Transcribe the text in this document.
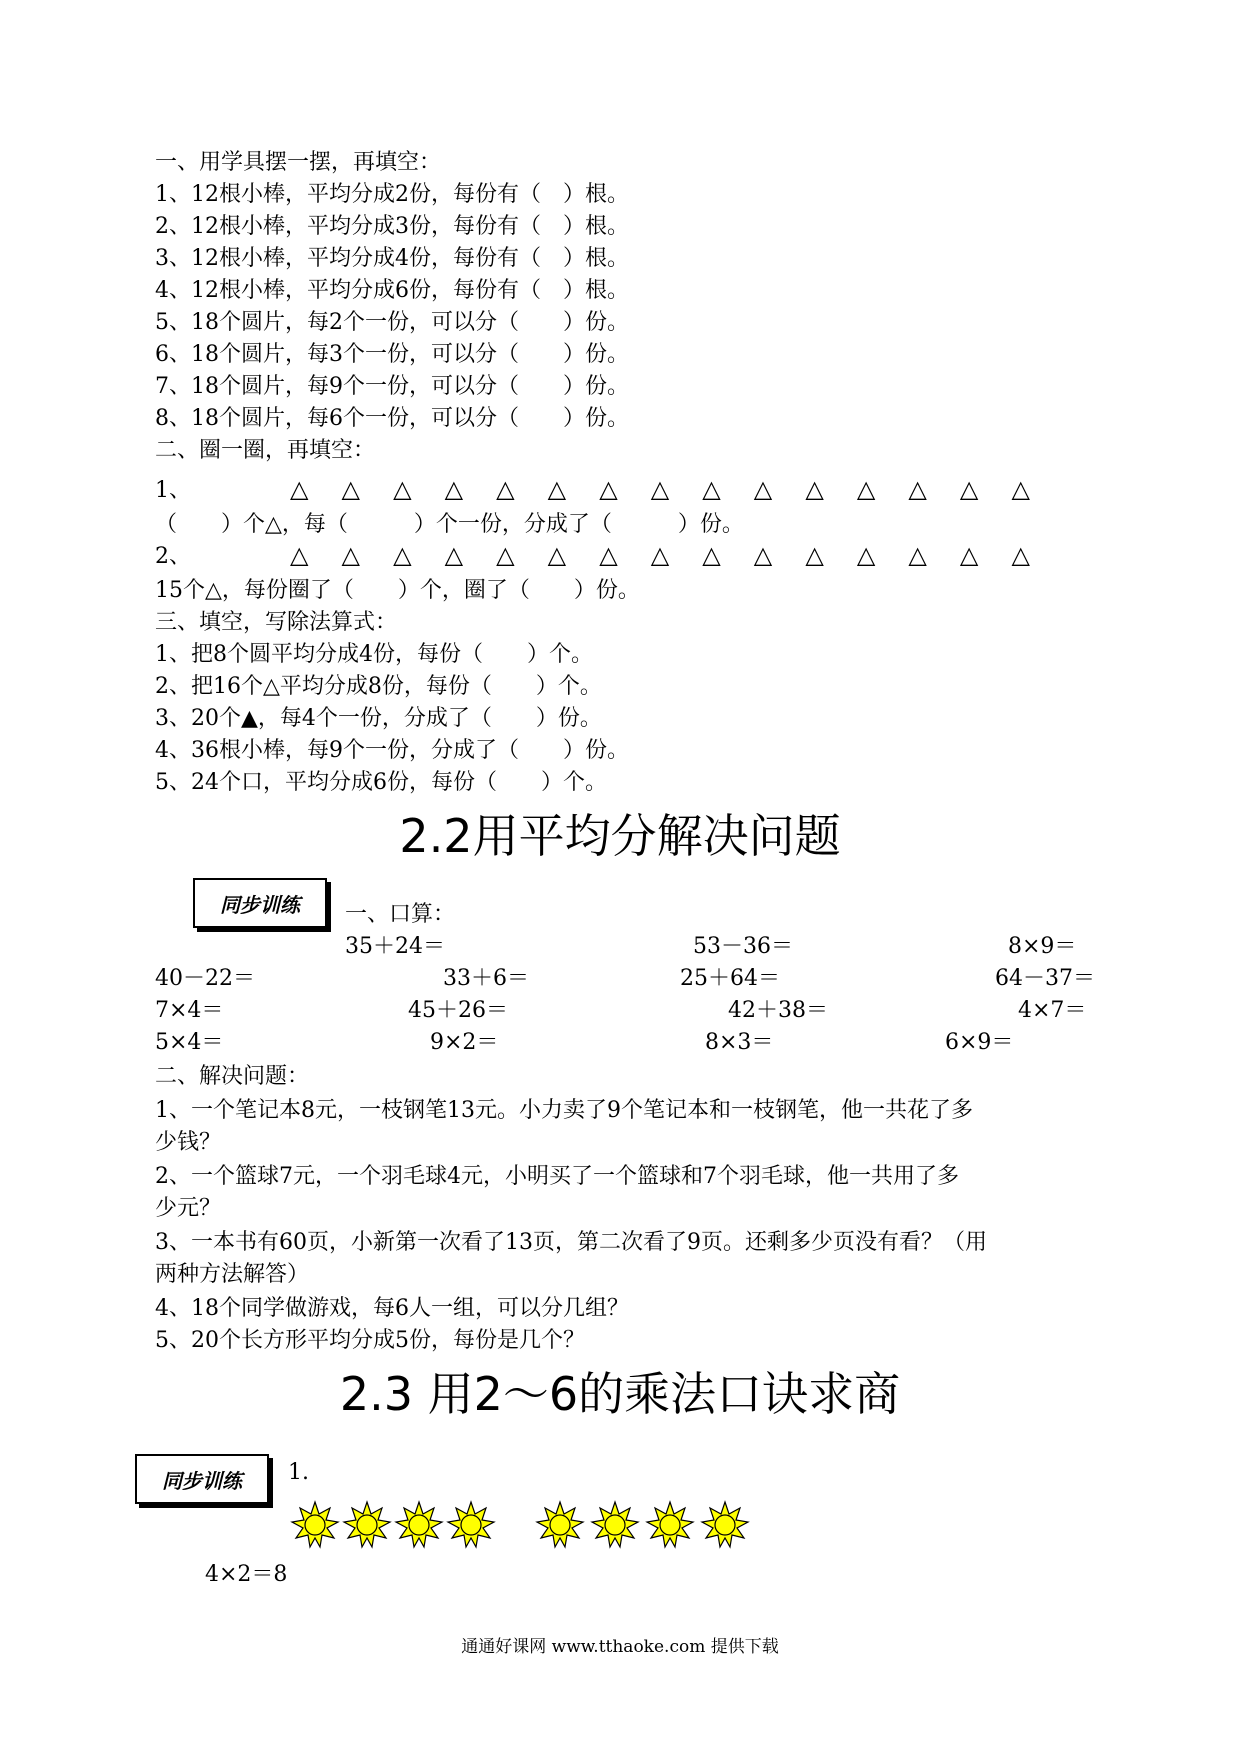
一、用学具摆一摆，再填空：
1、12根小棒，平均分成2份，每份有（　）根。
2、12根小棒，平均分成3份，每份有（　）根。
3、12根小棒，平均分成4份，每份有（　）根。
4、12根小棒，平均分成6份，每份有（　）根。
5、18个圆片，每2个一份，可以分（　　）份。
6、18个圆片，每3个一份，可以分（　　）份。
7、18个圆片，每9个一份，可以分（　　）份。
8、18个圆片，每6个一份，可以分（　　）份。
二、圈一圈，再填空：
1、	△ △ △ △ △ △ △ △ △ △ △ △ △ △ △
（　　）个△，每（　　　）个一份，分成了（　　　）份。
2、	△ △ △ △ △ △ △ △ △ △ △ △ △ △ △
15个△，每份圈了（　　）个，圈了（　　）份。
三、填空，写除法算式：
1、把8个圆平均分成4份，每份（　　）个。
2、把16个△平均分成8份，每份（　　）个。
3、20个▲，每4个一份，分成了（　　）份。
4、36根小棒，每9个一份，分成了（　　）份。
5、24个口，平均分成6份，每份（　　）个。
2.2用平均分解决问题
同步训练	一、口算：
35＋24＝	53－36＝	8×9＝
40－22＝	33＋6＝	25＋64＝	64－37＝
7×4＝	45＋26＝	42＋38＝	4×7＝
5×4＝	9×2＝	8×3＝	6×9＝
二、解决问题：
1、一个笔记本8元，一枝钢笔13元。小力卖了9个笔记本和一枝钢笔，他一共花了多
少钱？
2、一个篮球7元，一个羽毛球4元，小明买了一个篮球和7个羽毛球，他一共用了多
少元？
3、一本书有60页，小新第一次看了13页，第二次看了9页。还剩多少页没有看？（用
两种方法解答）
4、18个同学做游戏，每6人一组，可以分几组？
5、20个长方形平均分成5份，每份是几个？
2.3 用2～6的乘法口诀求商
同步训练	1.
4×2＝8
通通好课网 www.tthaoke.com 提供下载
